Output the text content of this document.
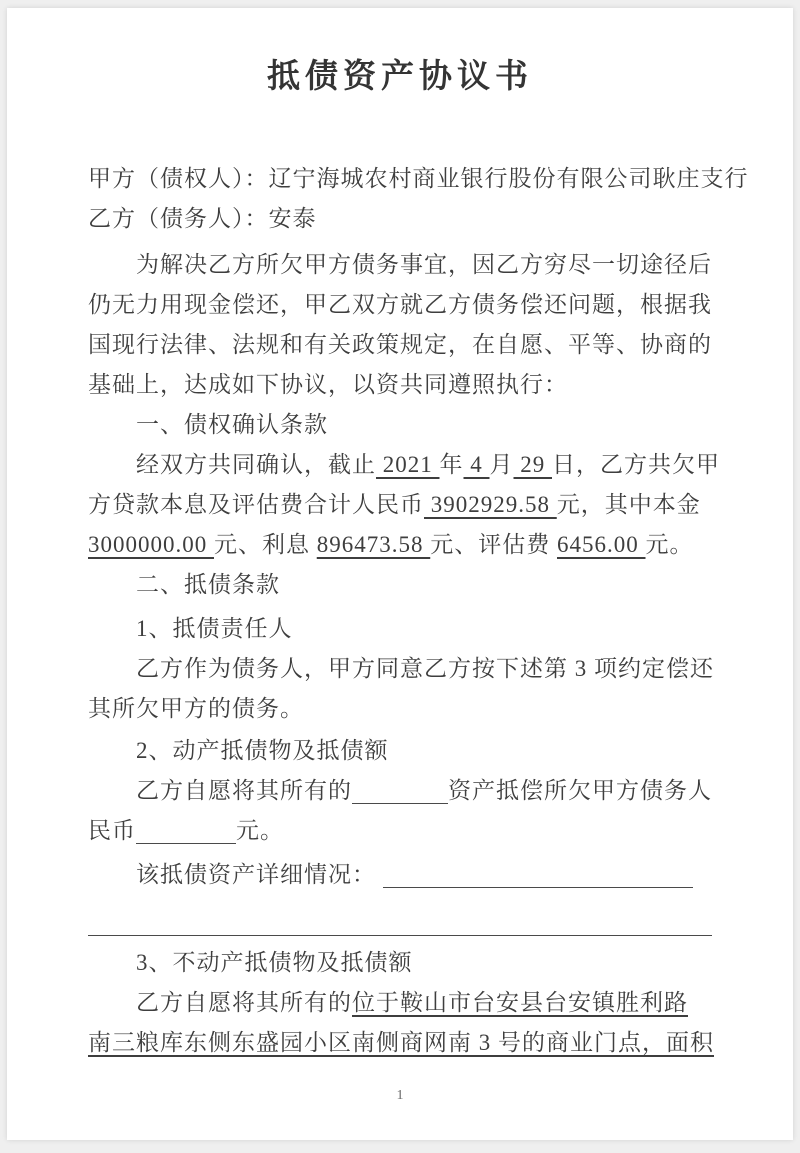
抵债资产协议书
甲方（债权人）：辽宁海城农村商业银行股份有限公司耿庄支行
乙方（债务人）：安泰
为解决乙方所欠甲方债务事宜，因乙方穷尽一切途径后
仍无力用现金偿还，甲乙双方就乙方债务偿还问题，根据我
国现行法律、法规和有关政策规定，在自愿、平等、协商的
基础上，达成如下协议，以资共同遵照执行：
一、债权确认条款
经双方共同确认，截止 2021 年 4 月 29 日，乙方共欠甲
方贷款本息及评估费合计人民币 3902929.58 元，其中本金
3000000.00 元、利息 896473.58 元、评估费 6456.00 元。
二、抵债条款
1、抵债责任人
乙方作为债务人，甲方同意乙方按下述第 3 项约定偿还
其所欠甲方的债务。
2、动产抵债物及抵债额
乙方自愿将其所有的	资产抵偿所欠甲方债务人
民币	元。
该抵债资产详细情况：
3、不动产抵债物及抵债额
乙方自愿将其所有的位于鞍山市台安县台安镇胜利路
南三粮库东侧东盛园小区南侧商网南 3 号的商业门点，面积
1
